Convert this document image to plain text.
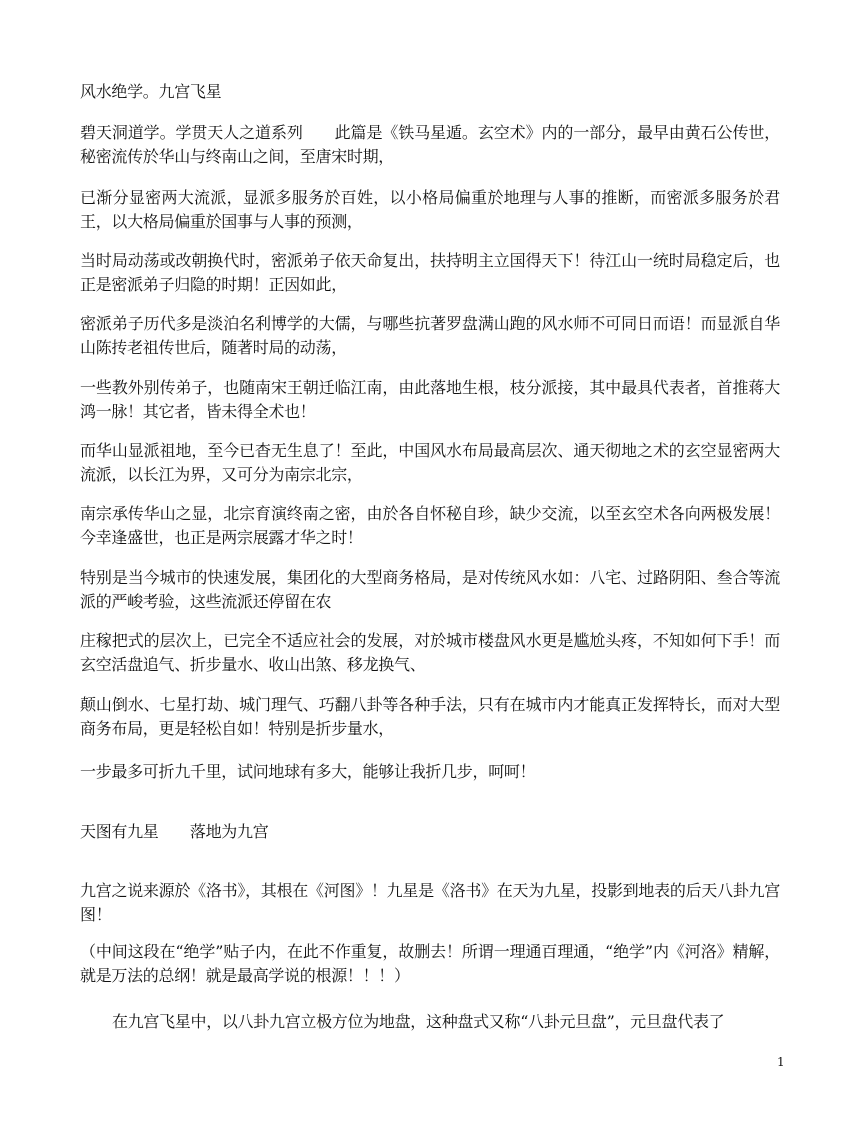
风水绝学。九宫飞星

碧天洞道学。学贯天人之道系列　　此篇是《铁马星遁。玄空术》内的一部分，最早由黄石公传世，秘密流传於华山与终南山之间，至唐宋时期，

已渐分显密两大流派，显派多服务於百姓，以小格局偏重於地理与人事的推断，而密派多服务於君王，以大格局偏重於国事与人事的预测，

当时局动荡或改朝换代时，密派弟子依天命复出，扶持明主立国得天下！待江山一统时局稳定后，也正是密派弟子归隐的时期！正因如此，

密派弟子历代多是淡泊名利博学的大儒，与哪些抗著罗盘满山跑的风水师不可同日而语！而显派自华山陈抟老祖传世后，随著时局的动荡，

一些教外别传弟子，也随南宋王朝迁临江南，由此落地生根，枝分派接，其中最具代表者，首推蒋大鸿一脉！其它者，皆未得全术也！

而华山显派祖地，至今已杳无生息了！至此，中国风水布局最高层次、通天彻地之术的玄空显密两大流派，以长江为界，又可分为南宗北宗，

南宗承传华山之显，北宗育演终南之密，由於各自怀秘自珍，缺少交流，以至玄空术各向两极发展！今幸逢盛世，也正是两宗展露才华之时！

特别是当今城市的快速发展，集团化的大型商务格局，是对传统风水如：八宅、过路阴阳、叁合等流派的严峻考验，这些流派还停留在农

庄稼把式的层次上，已完全不适应社会的发展，对於城市楼盘风水更是尴尬头疼，不知如何下手！而玄空活盘追气、折步量水、收山出煞、移龙换气、

颠山倒水、七星打劫、城门理气、巧翻八卦等各种手法，只有在城市内才能真正发挥特长，而对大型商务布局，更是轻松自如！特别是折步量水，

一步最多可折九千里，试问地球有多大，能够让我折几步，呵呵！

天图有九星　　落地为九宫

九宫之说来源於《洛书》，其根在《河图》！九星是《洛书》在天为九星，投影到地表的后天八卦九宫图！

（中间这段在“绝学”贴子内，在此不作重复，故删去！所谓一理通百理通，“绝学”内《河洛》精解，就是万法的总纲！就是最高学说的根源！！！）

在九宫飞星中，以八卦九宫立极方位为地盘，这种盘式又称“八卦元旦盘”，元旦盘代表了

1
